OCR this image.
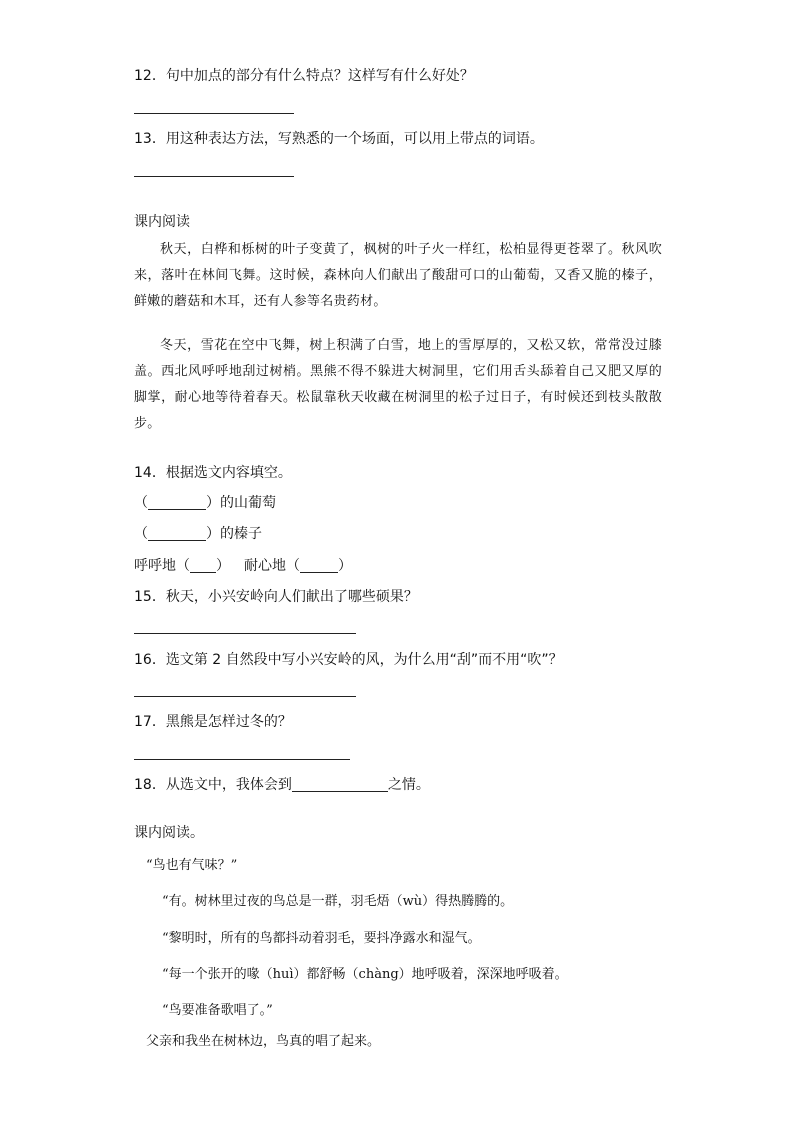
12．句中加点的部分有什么特点？这样写有什么好处？
13．用这种表达方法，写熟悉的一个场面，可以用上带点的词语。
课内阅读
秋天，白桦和栎树的叶子变黄了，枫树的叶子火一样红，松柏显得更苍翠了。秋风吹来，落叶在林间飞舞。这时候，森林向人们献出了酸甜可口的山葡萄，又香又脆的榛子，鲜嫩的蘑菇和木耳，还有人参等名贵药材。
冬天，雪花在空中飞舞，树上积满了白雪，地上的雪厚厚的，又松又软，常常没过膝盖。西北风呼呼地刮过树梢。黑熊不得不躲进大树洞里，它们用舌头舔着自己又肥又厚的脚掌，耐心地等待着春天。松鼠靠秋天收藏在树洞里的松子过日子，有时候还到枝头散散步。
14．根据选文内容填空。
（	）的山葡萄
（	）的榛子
呼呼地（ ） 耐心地（	）
15．秋天，小兴安岭向人们献出了哪些硕果？
16．选文第 2 自然段中写小兴安岭的风，为什么用“刮”而不用“吹”？
17．黑熊是怎样过冬的？
18．从选文中，我体会到	之情。
课内阅读。
“鸟也有气味？”
“有。树林里过夜的鸟总是一群，羽毛焐（wù）得热腾腾的。
“黎明时，所有的鸟都抖动着羽毛，要抖净露水和湿气。
“每一个张开的喙（huì）都舒畅（chàng）地呼吸着，深深地呼吸着。
“鸟要准备歌唱了。”
父亲和我坐在树林边，鸟真的唱了起来。
